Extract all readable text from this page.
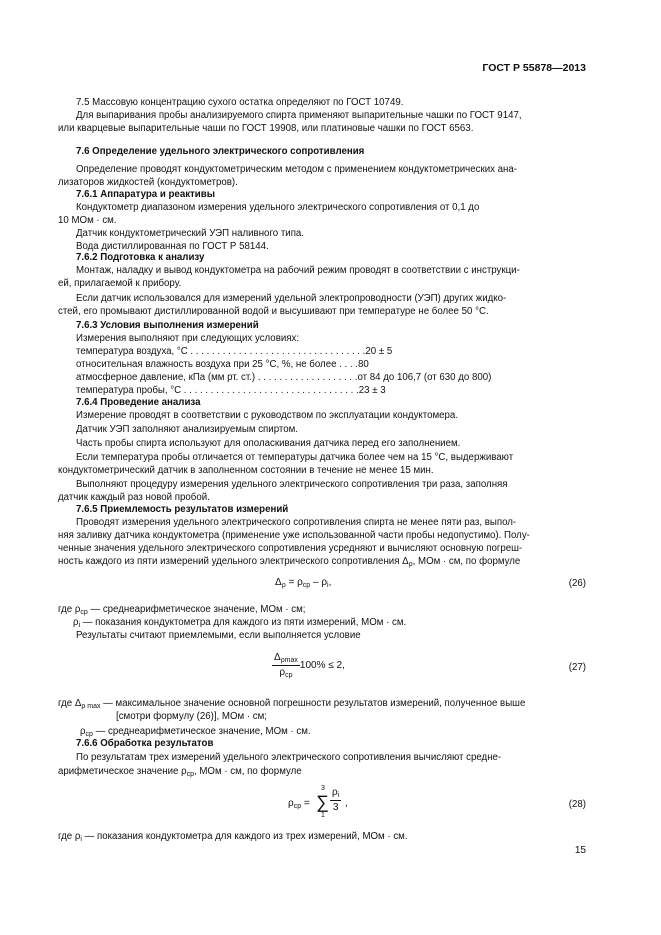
ГОСТ Р 55878—2013
7.5 Массовую концентрацию сухого остатка определяют по ГОСТ 10749.
Для выпаривания пробы анализируемого спирта применяют выпарительные чашки по ГОСТ 9147,
или кварцевые выпарительные чаши по ГОСТ 19908, или платиновые чашки по ГОСТ 6563.
7.6 Определение удельного электрического сопротивления
Определение проводят кондуктометрическим методом с применением кондуктометрических ана-
лизаторов жидкостей (кондуктометров).
7.6.1 Аппаратура и реактивы
Кондуктометр диапазоном измерения удельного электрического сопротивления от 0,1 до
10 МОм · см.
Датчик кондуктометрический УЭП наливного типа.
Вода дистиллированная по ГОСТ Р 58144.
7.6.2 Подготовка к анализу
Монтаж, наладку и вывод кондуктометра на рабочий режим проводят в соответствии с инструкци-
ей, прилагаемой к прибору.
Если датчик использовался для измерений удельной электропроводности (УЭП) других жидко-
стей, его промывают дистиллированной водой и высушивают при температуре не более 50 °С.
7.6.3 Условия выполнения измерений
Измерения выполняют при следующих условиях:
температура воздуха, °С . . . . . . . . . . . . . . . . . . . . . . . . . . . . . . . . .20 ± 5
относительная влажность воздуха при 25 °С, %, не более . . . .80
атмосферное давление, кПа (мм рт. ст.) . . . . . . . . . . . . . . . . . . .от 84 до 106,7 (от 630 до 800)
температура пробы, °С . . . . . . . . . . . . . . . . . . . . . . . . . . . . . . . . .23 ± 3
7.6.4 Проведение анализа
Измерение проводят в соответствии с руководством по эксплуатации кондуктомера.
Датчик УЭП заполняют анализируемым спиртом.
Часть пробы спирта используют для ополаскивания датчика перед его заполнением.
Если температура пробы отличается от температуры датчика более чем на 15 °С, выдерживают
кондуктометрический датчик в заполненном состоянии в течение не менее 15 мин.
Выполняют процедуру измерения удельного электрического сопротивления три раза, заполняя
датчик каждый раз новой пробой.
7.6.5 Приемлемость результатов измерений
Проводят измерения удельного электрического сопротивления спирта не менее пяти раз, выпол-
няя заливку датчика кондуктометра (применение уже использованной части пробы недопустимо). Полу-
ченные значения удельного электрического сопротивления усредняют и вычисляют основную погреш-
ность каждого из пяти измерений удельного электрического сопротивления $\Delta_\rho$, МОм · см, по формуле
$\Delta_\rho = \rho_{ср} - \rho_i$,	(26)
где $\rho_{ср}$ — среднеарифметическое значение, МОм · см;
$\rho_i$ — показания кондуктометра для каждого из пяти измерений, МОм · см.
Результаты считают приемлемыми, если выполняется условие
$\frac{\Delta_{\rho max}}{\rho_{ср}} 100\% \le 2$,	(27)
где $\Delta_{\rho max}$ — максимальное значение основной погрешности результатов измерений, полученное выше
[смотри формулу (26)], МОм · см;
$\rho_{ср}$ — среднеарифметическое значение, МОм · см.
7.6.6 Обработка результатов
По результатам трех измерений удельного электрического сопротивления вычисляют средне-
арифметическое значение $\rho_{ср}$, МОм · см, по формуле
$\rho_{ср}$ =
3
∑
1
$\frac{\rho_i}{3}$ ,	(28)
где $\rho_i$ — показания кондуктометра для каждого из трех измерений, МОм · см.
15
